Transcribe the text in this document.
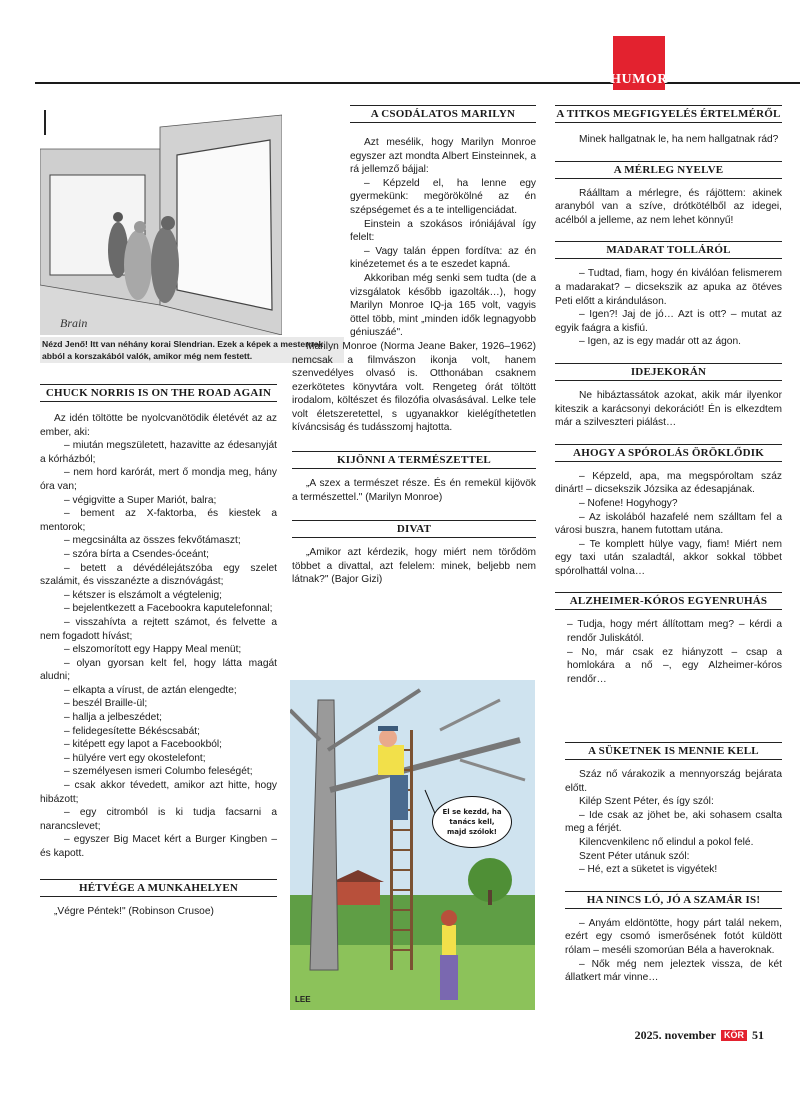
HUMOR
Brain
Nézd Jenő! Itt van néhány korai Slendrian. Ezek a képek a mesternek abból a korszakából valók, amikor még nem festett.
CHUCK NORRIS IS ON THE ROAD AGAIN

Az idén töltötte be nyolcvanötödik életévét az az ember, aki:

– miután megszületett, hazavitte az édesanyját a kórházból;

– nem hord karórát, mert ő mondja meg, hány óra van;

– végigvitte a Super Mariót, balra;

– bement az X-faktorba, és kiestek a mentorok;

– megcsinálta az összes fekvőtámaszt;

– szóra bírta a Csendes-óceánt;

– betett a dévédélejátszóba egy szelet szalámit, és visszanézte a disznóvágást;

– kétszer is elszámolt a végtelenig;

– bejelentkezett a Facebookra kaputelefonnal;

– visszahívta a rejtett számot, és felvette a nem fogadott hívást;

– elszomorított egy Happy Meal menüt;

– olyan gyorsan kelt fel, hogy látta magát aludni;

– elkapta a vírust, de aztán elengedte;

– beszél Braille-ül;

– hallja a jelbeszédet;

– felidegesítette Békéscsabát;

– kitépett egy lapot a Facebookból;

– hülyére vert egy okostelefont;

– személyesen ismeri Columbo feleségét;

– csak akkor tévedett, amikor azt hitte, hogy hibázott;

– egy citromból is ki tudja facsarni a narancslevet;

– egyszer Big Macet kért a Burger Kingben – és kapott.

HÉTVÉGE A MUNKAHELYEN

„Végre Péntek!" (Robinson Crusoe)

A CSODÁLATOS MARILYN

Azt mesélik, hogy Marilyn Monroe egyszer azt mondta Albert Einsteinnek, a rá jellemző bájjal:

– Képzeld el, ha lenne egy gyermekünk: megörökölné az én szépségemet és a te intelligenciádat.

Einstein a szokásos iróniájával így felelt:

– Vagy talán éppen fordítva: az én kinézetemet és a te eszedet kapná.

Akkoriban még senki sem tudta (de a vizsgálatok később igazolták…), hogy Marilyn Monroe IQ-ja 165 volt, vagyis öttel több, mint „minden idők legnagyobb géniuszáé".

Marilyn Monroe (Norma Jeane Baker, 1926–1962) nemcsak a filmvászon ikonja volt, hanem szenvedélyes olvasó is. Otthonában csaknem ezerkötetes könyvtára volt. Rengeteg órát töltött irodalom, költészet és filozófia olvasásával. Lelke tele volt életszeretettel, s ugyanakkor kielégíthetetlen kíváncsiság és tudásszomj hajtotta.

KIJÖNNI A TERMÉSZETTEL

„A szex a természet része. És én remekül kijövök a természettel." (Marilyn Monroe)

DIVAT

„Amikor azt kérdezik, hogy miért nem törődöm többet a divattal, azt felelem: minek, beljebb nem látnak?" (Bajor Gizi)

LEE
El se kezdd, ha tanács kell, majd szólok!
A TITKOS MEGFIGYELÉS ÉRTELMÉRŐL

Minek hallgatnak le, ha nem hallgatnak rád?

A MÉRLEG NYELVE

Ráálltam a mérlegre, és rájöttem: akinek aranyból van a szíve, drótkötélből az idegei, acélból a jelleme, az nem lehet könnyű!

MADARAT TOLLÁRÓL

– Tudtad, fiam, hogy én kiválóan felismerem a madarakat? – dicsekszik az apuka az ötéves Peti előtt a kiránduláson.

– Igen?! Jaj de jó… Azt is ott? – mutat az egyik faágra a kisfiú.

– Igen, az is egy madár ott az ágon.

IDEJEKORÁN

Ne hibáztassátok azokat, akik már ilyenkor kiteszik a karácsonyi dekorációt! Én is elkezdtem már a szilveszteri piálást…

AHOGY A SPÓROLÁS ÖRÖKLŐDIK

– Képzeld, apa, ma megspóroltam száz dinárt! – dicsekszik Józsika az édesapjának.

– Nofene! Hogyhogy?

– Az iskolából hazafelé nem szálltam fel a városi buszra, hanem futottam utána.

– Te komplett hülye vagy, fiam! Miért nem egy taxi után szaladtál, akkor sokkal többet spórolhattál volna…

ALZHEIMER-KÓROS EGYENRUHÁS

– Tudja, hogy mért állítottam meg? – kérdi a rendőr Juliskától.

– No, már csak ez hiányzott – csap a homlokára a nő –, egy Alzheimer-kóros rendőr…

A SÜKETNEK IS MENNIE KELL

Száz nő várakozik a mennyország bejárata előtt.

Kilép Szent Péter, és így szól:

– Ide csak az jöhet be, aki sohasem csalta meg a férjét.

Kilencvenkilenc nő elindul a pokol felé.

Szent Péter utánuk szól:

– Hé, ezt a süketet is vigyétek!

HA NINCS LÓ, JÓ A SZAMÁR IS!

– Anyám eldöntötte, hogy párt talál nekem, ezért egy csomó ismerősének fotót küldött rólam – meséli szomorúan Béla a haveroknak.

– Nők még nem jeleztek vissza, de két állatkert már vinne…

2025. november KÖR 51
